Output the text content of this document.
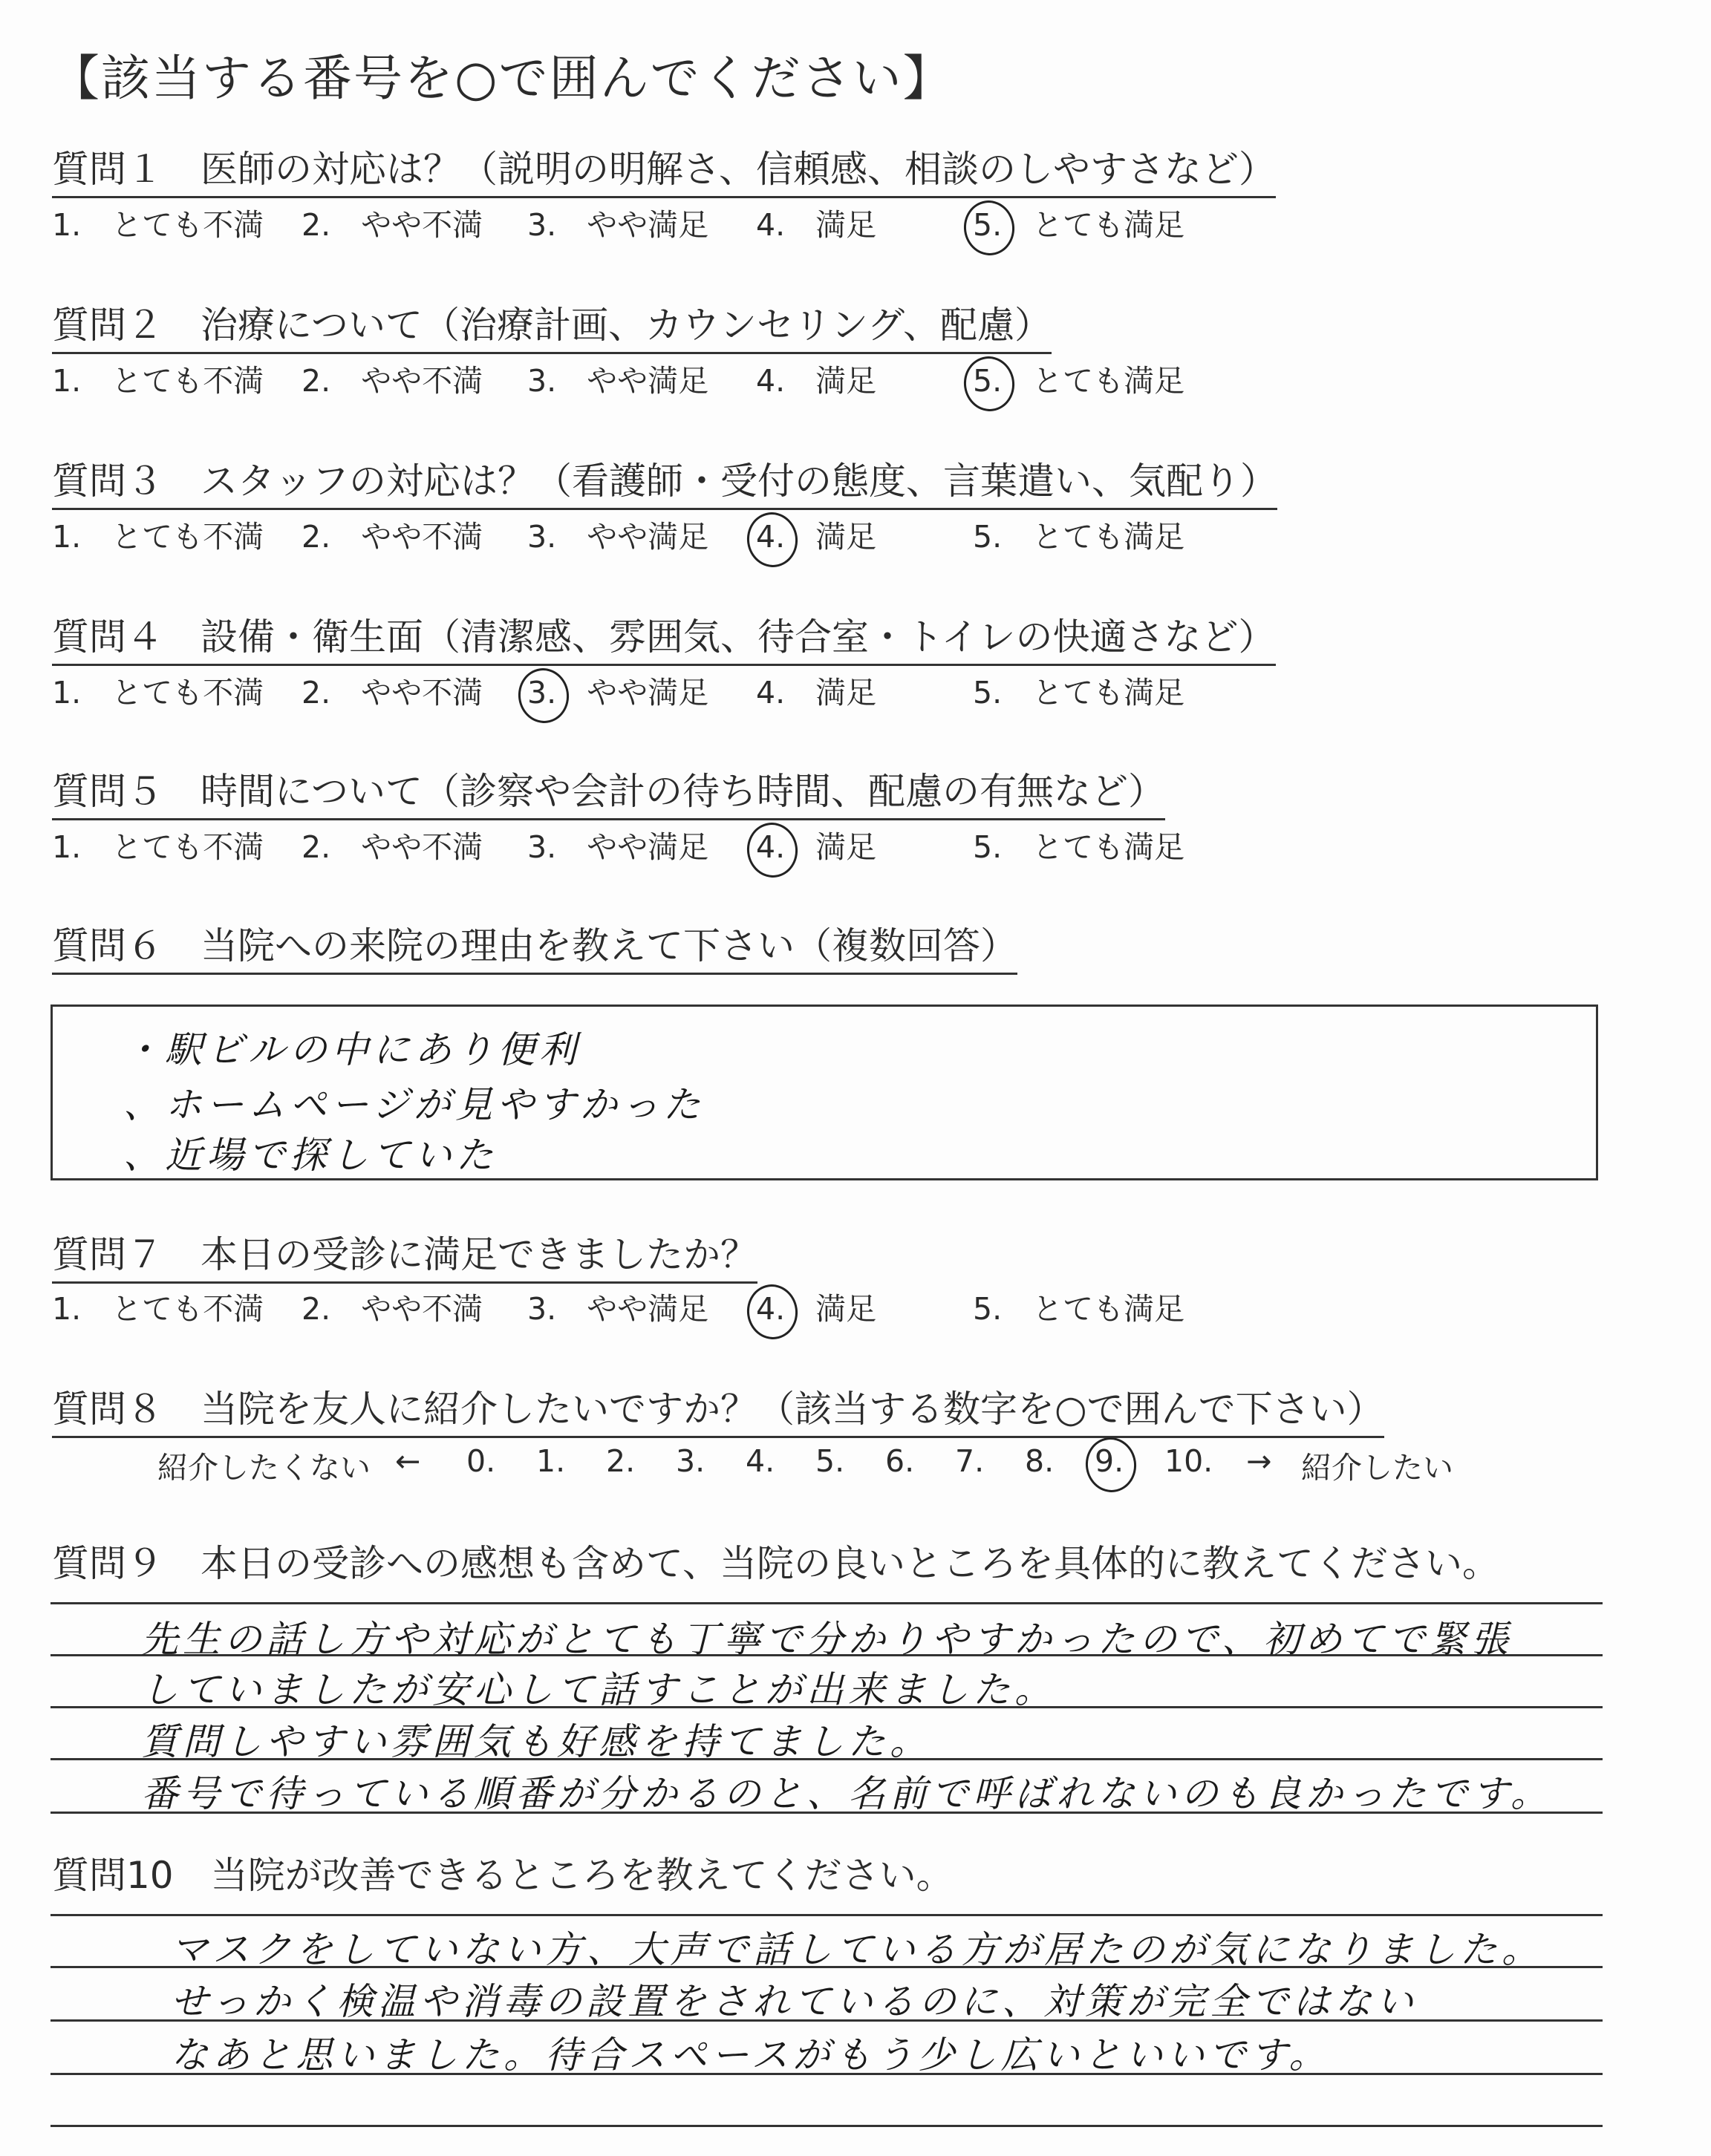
【該当する番号を○で囲んでください】
質問１　医師の対応は？（説明の明解さ、信頼感、相談のしやすさなど）
1.　とても不満 2.　やや不満 3.　やや満足 4.　満足	5.　とても満足
質問２　治療について（治療計画、カウンセリング、配慮）
1.　とても不満 2.　やや不満 3.　やや満足 4.　満足	5.　とても満足
質問３　スタッフの対応は？（看護師・受付の態度、言葉遣い、気配り）
1.　とても不満 2.　やや不満 3.　やや満足 4.　満足	5.　とても満足
質問４　設備・衛生面（清潔感、雰囲気、待合室・トイレの快適さなど）
1.　とても不満 2.　やや不満 3.　やや満足 4.　満足	5.　とても満足
質問５　時間について（診察や会計の待ち時間、配慮の有無など）
1.　とても不満 2.　やや不満 3.　やや満足 4.　満足	5.　とても満足
質問６　当院への来院の理由を教えて下さい（複数回答）
・駅ビルの中にあり便利
、ホームページが見やすかった
、近場で探していた
質問７　本日の受診に満足できましたか？
1.　とても不満 2.　やや不満 3.　やや満足 4.　満足	5.　とても満足
質問８　当院を友人に紹介したいですか？（該当する数字を○で囲んで下さい）
紹介したくない ←	→ 紹介したい
0. 1. 2. 3. 4. 5. 6. 7. 8. 9. 10.
質問９　本日の受診への感想も含めて、当院の良いところを具体的に教えてください。
先生の話し方や対応がとても丁寧で分かりやすかったので、初めてで緊張
していましたが安心して話すことが出来ました。
質問しやすい雰囲気も好感を持てました。
番号で待っている順番が分かるのと、名前で呼ばれないのも良かったです。
質問10　当院が改善できるところを教えてください。
マスクをしていない方、大声で話している方が居たのが気になりました。
せっかく検温や消毒の設置をされているのに、対策が完全ではない
なあと思いました。待合スペースがもう少し広いといいです。
